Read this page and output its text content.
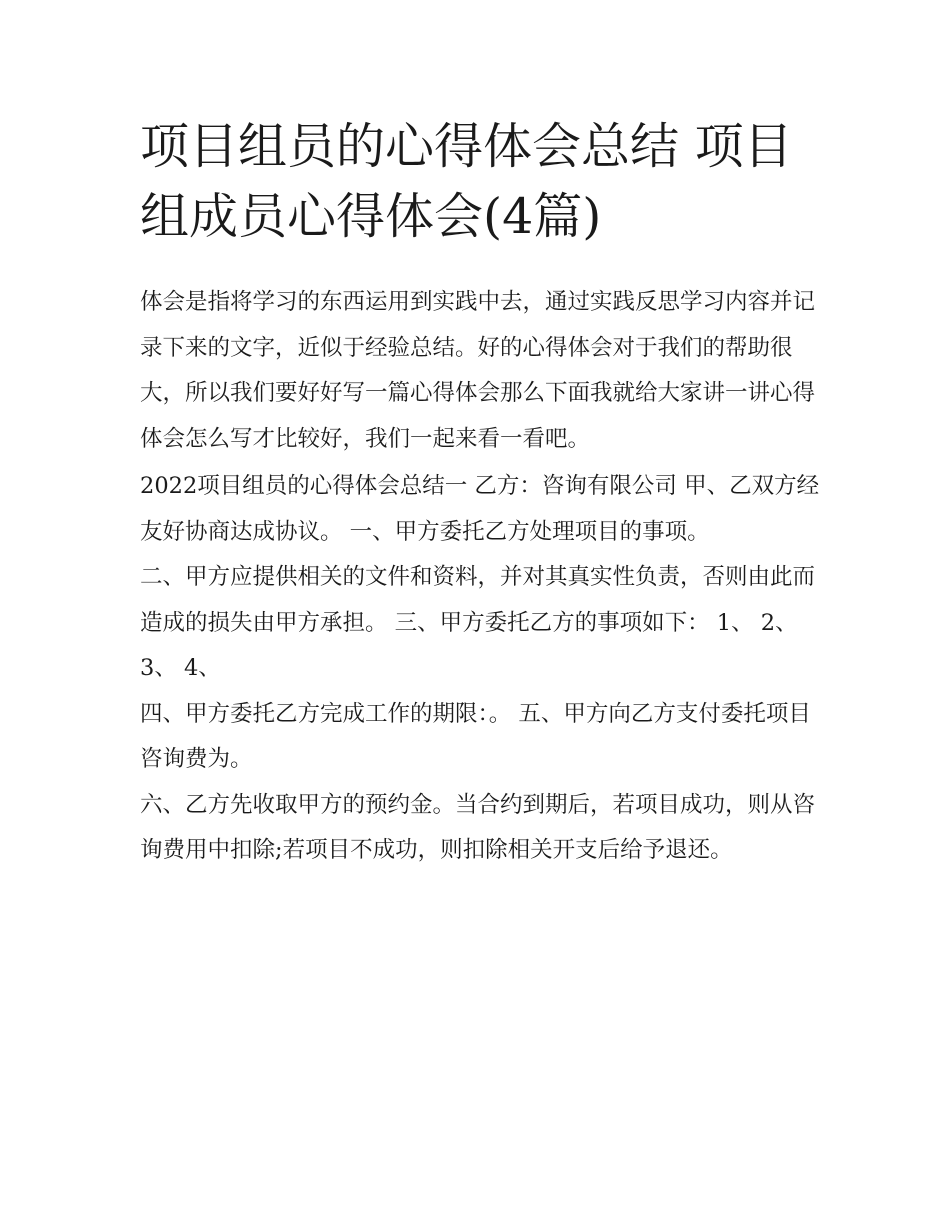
项目组员的心得体会总结 项目组成员心得体会(4篇)

体会是指将学习的东西运用到实践中去，通过实践反思学习内容并记录下来的文字，近似于经验总结。好的心得体会对于我们的帮助很大，所以我们要好好写一篇心得体会那么下面我就给大家讲一讲心得体会怎么写才比较好，我们一起来看一看吧。

2022项目组员的心得体会总结一 乙方：咨询有限公司 甲、乙双方经友好协商达成协议。 一、甲方委托乙方处理项目的事项。

二、甲方应提供相关的文件和资料，并对其真实性负责，否则由此而造成的损失由甲方承担。 三、甲方委托乙方的事项如下： 1、 2、 3、 4、

四、甲方委托乙方完成工作的期限：。 五、甲方向乙方支付委托项目咨询费为。

六、乙方先收取甲方的预约金。当合约到期后，若项目成功，则从咨询费用中扣除;若项目不成功，则扣除相关开支后给予退还。
